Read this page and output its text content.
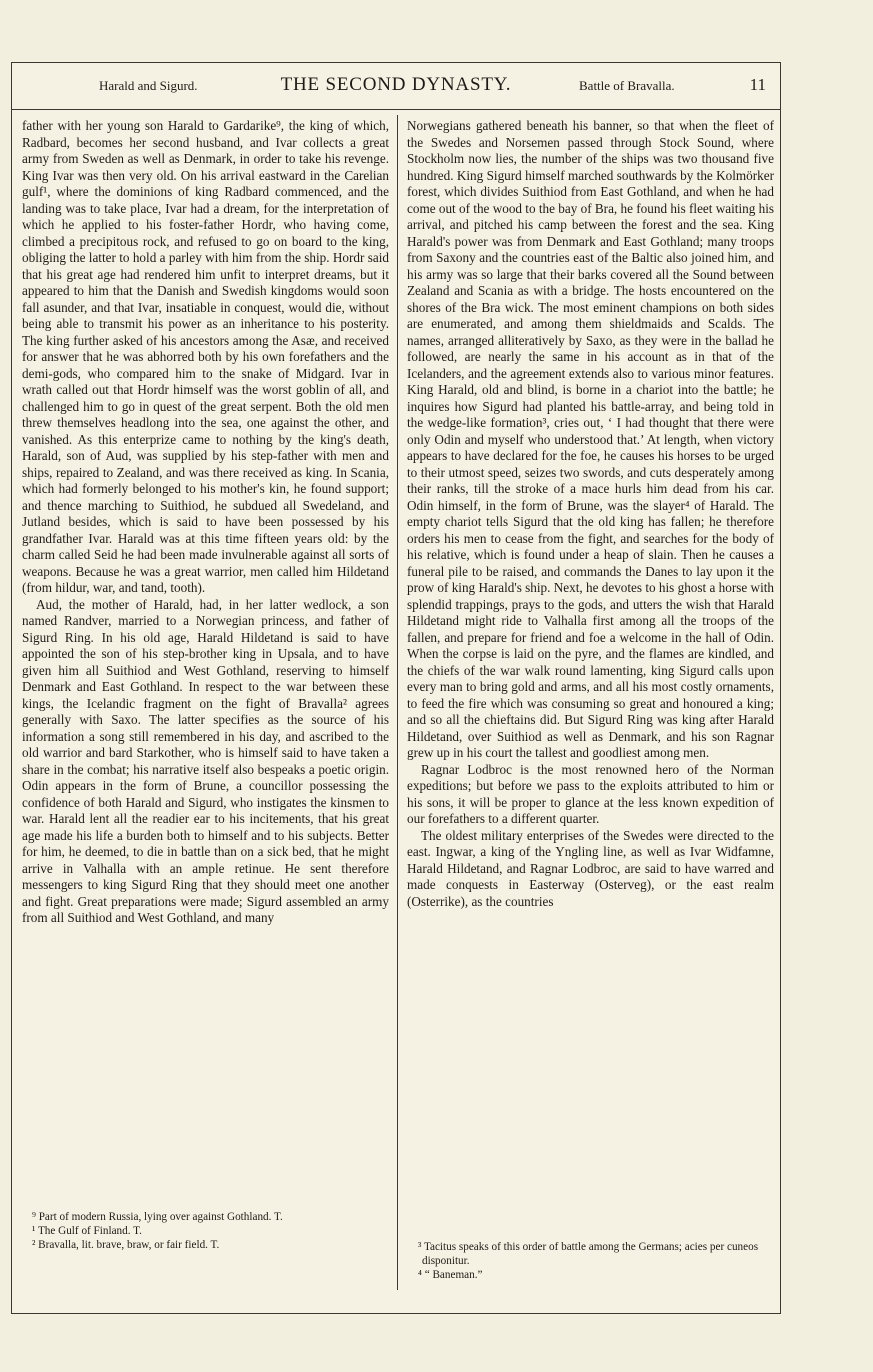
Harald and Sigurd.	THE SECOND DYNASTY.	Battle of Bravalla.	11

father with her young son Harald to Gardarike⁹, the king of which, Radbard, becomes her second husband, and Ivar collects a great army from Sweden as well as Denmark, in order to take his revenge. King Ivar was then very old. On his arrival eastward in the Carelian gulf¹, where the dominions of king Radbard commenced, and the landing was to take place, Ivar had a dream, for the interpretation of which he applied to his foster-father Hordr, who having come, climbed a precipitous rock, and refused to go on board to the king, obliging the latter to hold a parley with him from the ship. Hordr said that his great age had rendered him unfit to interpret dreams, but it appeared to him that the Danish and Swedish kingdoms would soon fall asunder, and that Ivar, insatiable in conquest, would die, without being able to transmit his power as an inheritance to his posterity. The king further asked of his ancestors among the Asæ, and received for answer that he was abhorred both by his own forefathers and the demi-gods, who compared him to the snake of Midgard. Ivar in wrath called out that Hordr himself was the worst goblin of all, and challenged him to go in quest of the great serpent. Both the old men threw themselves headlong into the sea, one against the other, and vanished. As this enterprize came to nothing by the king's death, Harald, son of Aud, was supplied by his step-father with men and ships, repaired to Zealand, and was there received as king. In Scania, which had formerly belonged to his mother's kin, he found support; and thence marching to Suithiod, he subdued all Swedeland, and Jutland besides, which is said to have been possessed by his grandfather Ivar. Harald was at this time fifteen years old: by the charm called Seid he had been made invulnerable against all sorts of weapons. Because he was a great warrior, men called him Hildetand (from hildur, war, and tand, tooth).

Aud, the mother of Harald, had, in her latter wedlock, a son named Randver, married to a Norwegian princess, and father of Sigurd Ring. In his old age, Harald Hildetand is said to have appointed the son of his step-brother king in Upsala, and to have given him all Suithiod and West Gothland, reserving to himself Denmark and East Gothland. In respect to the war between these kings, the Icelandic fragment on the fight of Bravalla² agrees generally with Saxo. The latter specifies as the source of his information a song still remembered in his day, and ascribed to the old warrior and bard Starkother, who is himself said to have taken a share in the combat; his narrative itself also bespeaks a poetic origin. Odin appears in the form of Brune, a councillor possessing the confidence of both Harald and Sigurd, who instigates the kinsmen to war. Harald lent all the readier ear to his incitements, that his great age made his life a burden both to himself and to his subjects. Better for him, he deemed, to die in battle than on a sick bed, that he might arrive in Valhalla with an ample retinue. He sent therefore messengers to king Sigurd Ring that they should meet one another and fight. Great preparations were made; Sigurd assembled an army from all Suithiod and West Gothland, and many

Norwegians gathered beneath his banner, so that when the fleet of the Swedes and Norsemen passed through Stock Sound, where Stockholm now lies, the number of the ships was two thousand five hundred. King Sigurd himself marched southwards by the Kolmörker forest, which divides Suithiod from East Gothland, and when he had come out of the wood to the bay of Bra, he found his fleet waiting his arrival, and pitched his camp between the forest and the sea. King Harald's power was from Denmark and East Gothland; many troops from Saxony and the countries east of the Baltic also joined him, and his army was so large that their barks covered all the Sound between Zealand and Scania as with a bridge. The hosts encountered on the shores of the Bra wick. The most eminent champions on both sides are enumerated, and among them shieldmaids and Scalds. The names, arranged alliteratively by Saxo, as they were in the ballad he followed, are nearly the same in his account as in that of the Icelanders, and the agreement extends also to various minor features. King Harald, old and blind, is borne in a chariot into the battle; he inquires how Sigurd had planted his battle-array, and being told in the wedge-like formation³, cries out, ‘ I had thought that there were only Odin and myself who understood that.’ At length, when victory appears to have declared for the foe, he causes his horses to be urged to their utmost speed, seizes two swords, and cuts desperately among their ranks, till the stroke of a mace hurls him dead from his car. Odin himself, in the form of Brune, was the slayer⁴ of Harald. The empty chariot tells Sigurd that the old king has fallen; he therefore orders his men to cease from the fight, and searches for the body of his relative, which is found under a heap of slain. Then he causes a funeral pile to be raised, and commands the Danes to lay upon it the prow of king Harald's ship. Next, he devotes to his ghost a horse with splendid trappings, prays to the gods, and utters the wish that Harald Hildetand might ride to Valhalla first among all the troops of the fallen, and prepare for friend and foe a welcome in the hall of Odin. When the corpse is laid on the pyre, and the flames are kindled, and the chiefs of the war walk round lamenting, king Sigurd calls upon every man to bring gold and arms, and all his most costly ornaments, to feed the fire which was consuming so great and honoured a king; and so all the chieftains did. But Sigurd Ring was king after Harald Hildetand, over Suithiod as well as Denmark, and his son Ragnar grew up in his court the tallest and goodliest among men.

Ragnar Lodbroc is the most renowned hero of the Norman expeditions; but before we pass to the exploits attributed to him or his sons, it will be proper to glance at the less known expedition of our forefathers to a different quarter.

The oldest military enterprises of the Swedes were directed to the east. Ingwar, a king of the Yngling line, as well as Ivar Widfamne, Harald Hildetand, and Ragnar Lodbroc, are said to have warred and made conquests in Easterway (Osterveg), or the east realm (Osterrike), as the countries

⁹ Part of modern Russia, lying over against Gothland. T.
¹ The Gulf of Finland. T.
² Bravalla, lit. brave, braw, or fair field. T.	³ Tacitus speaks of this order of battle among the Germans; acies per cuneos disponitur.
⁴ “ Baneman.”
